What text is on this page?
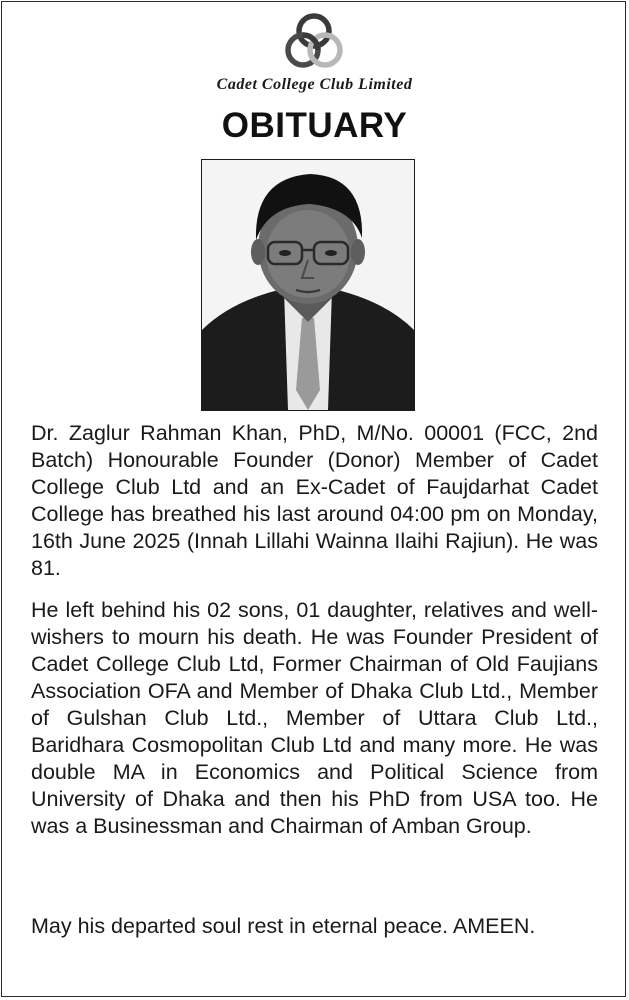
Cadet College Club Limited
OBITUARY
Dr. Zaglur Rahman Khan, PhD, M/No. 00001 (FCC, 2nd Batch) Honourable Founder (Donor) Member of Cadet College Club Ltd and an Ex-Cadet of Faujdarhat Cadet College has breathed his last around 04:00 pm on Monday, 16th June 2025 (Innah Lillahi Wainna Ilaihi Rajiun). He was 81.
He left behind his 02 sons, 01 daughter, relatives and well-wishers to mourn his death. He was Founder President of Cadet College Club Ltd, Former Chairman of Old Faujians Association OFA and Member of Dhaka Club Ltd., Member of Gulshan Club Ltd., Member of Uttara Club Ltd., Baridhara Cosmopolitan Club Ltd and many more. He was double MA in Economics and Political Science from University of Dhaka and then his PhD from USA too. He was a Businessman and Chairman of Amban Group.
May his departed soul rest in eternal peace. AMEEN.
